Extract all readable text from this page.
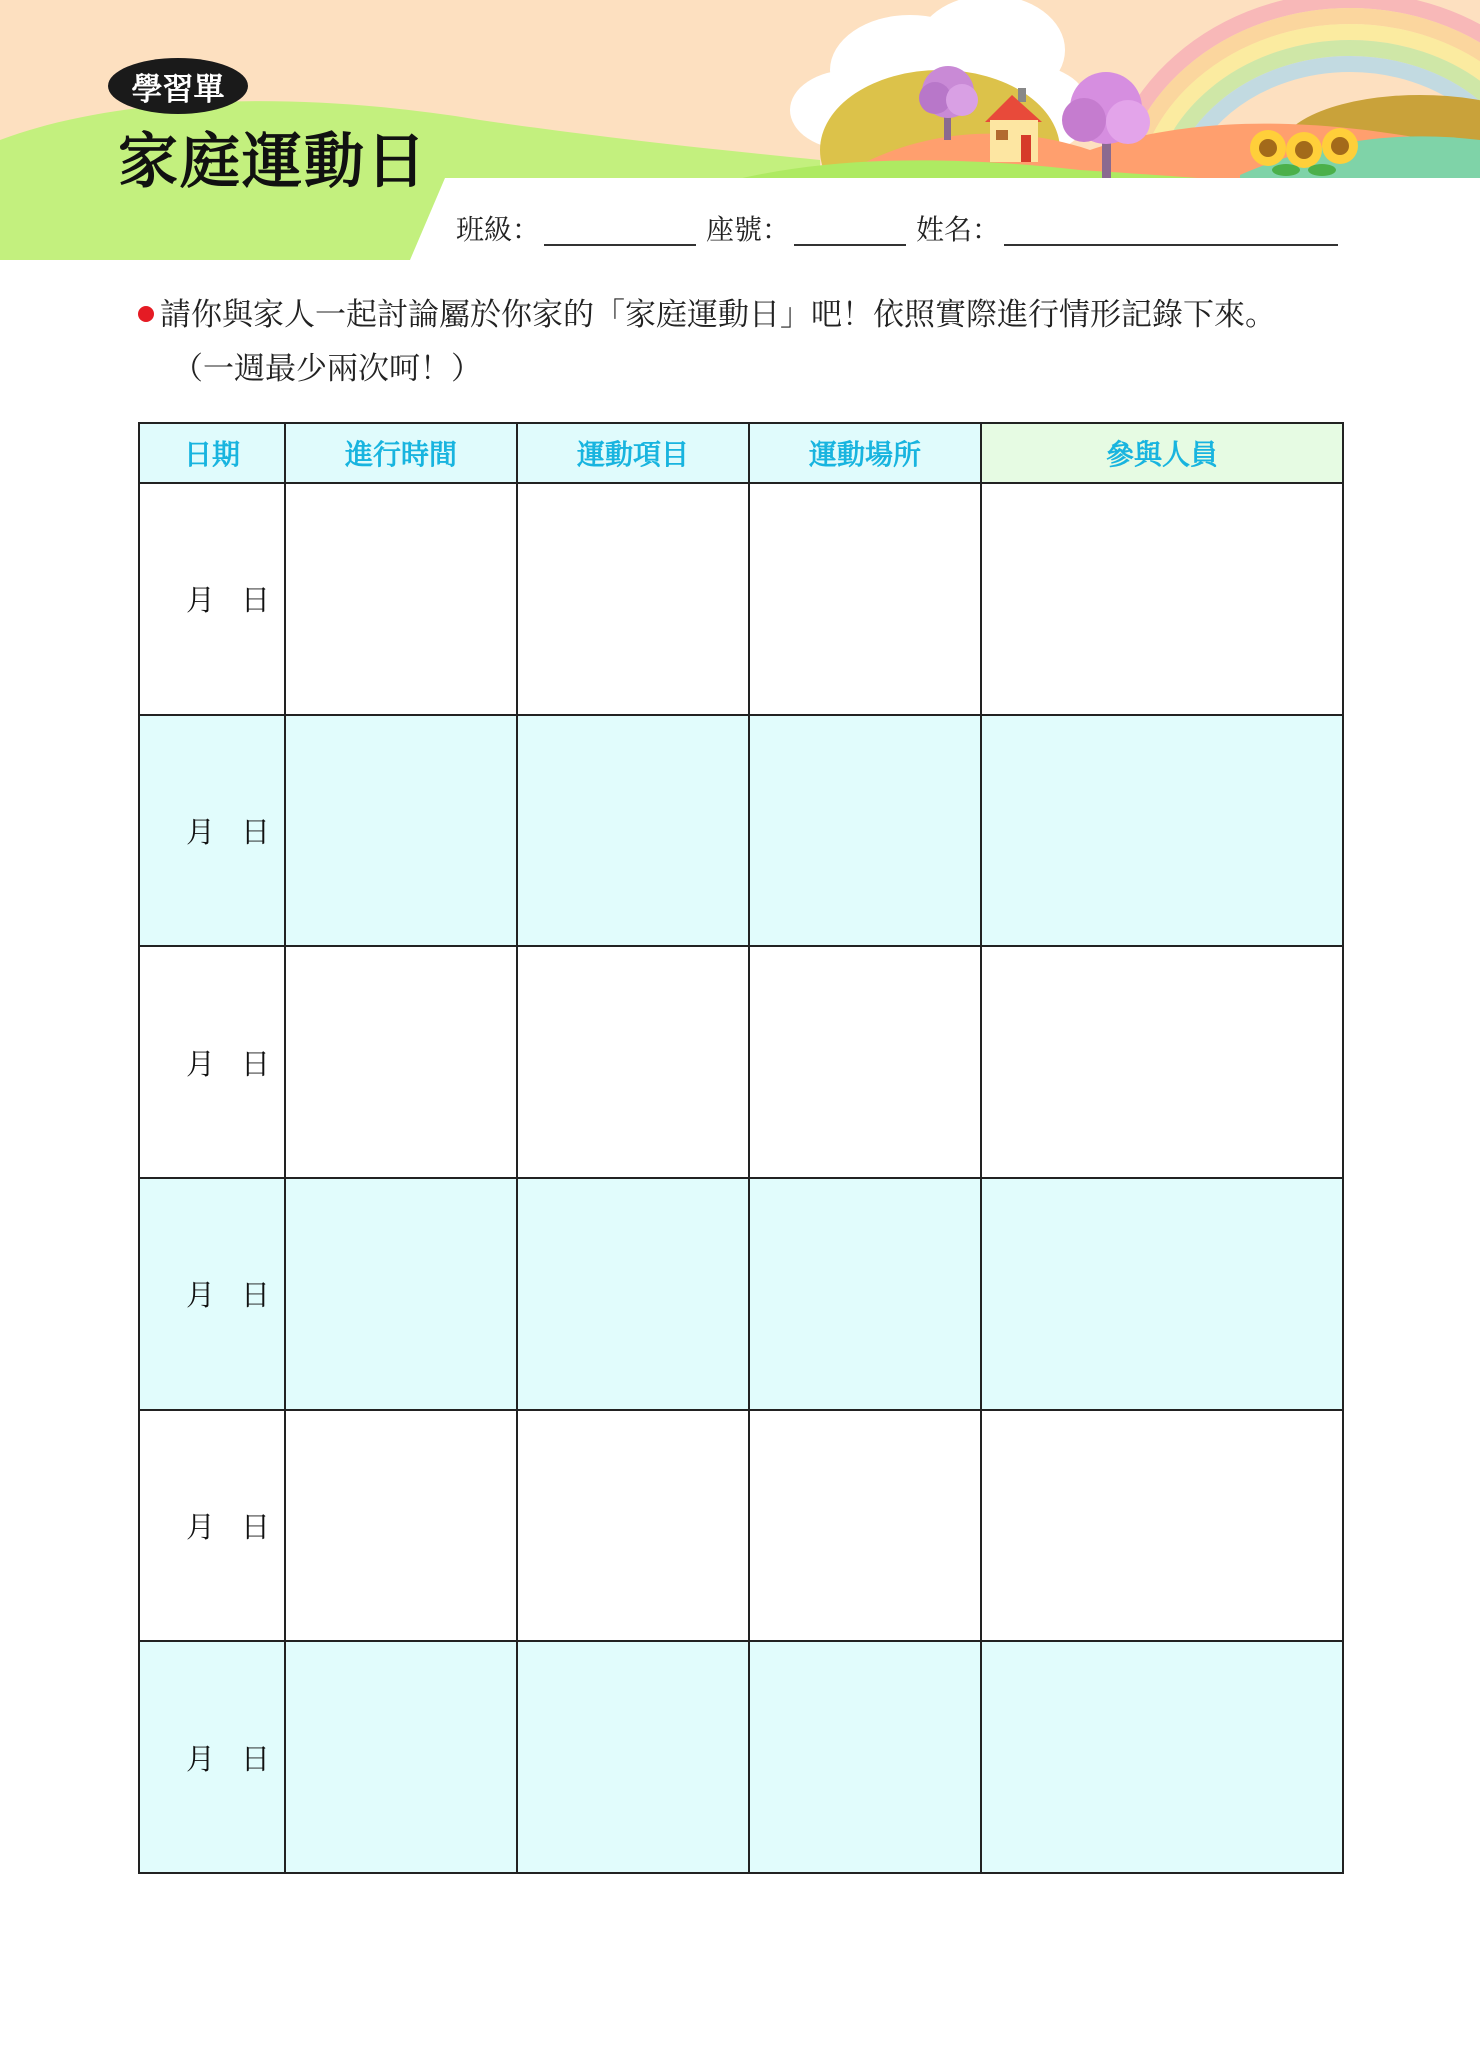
學習單
家庭運動日
班級：	座號：	姓名：
請你與家人一起討論屬於你家的「家庭運動日」吧！依照實際進行情形記錄下來。
（一週最少兩次呵！）
日期	進行時間	運動項目	運動場所	參與人員
月 日				
月 日				
月 日				
月 日				
月 日				
月 日				
